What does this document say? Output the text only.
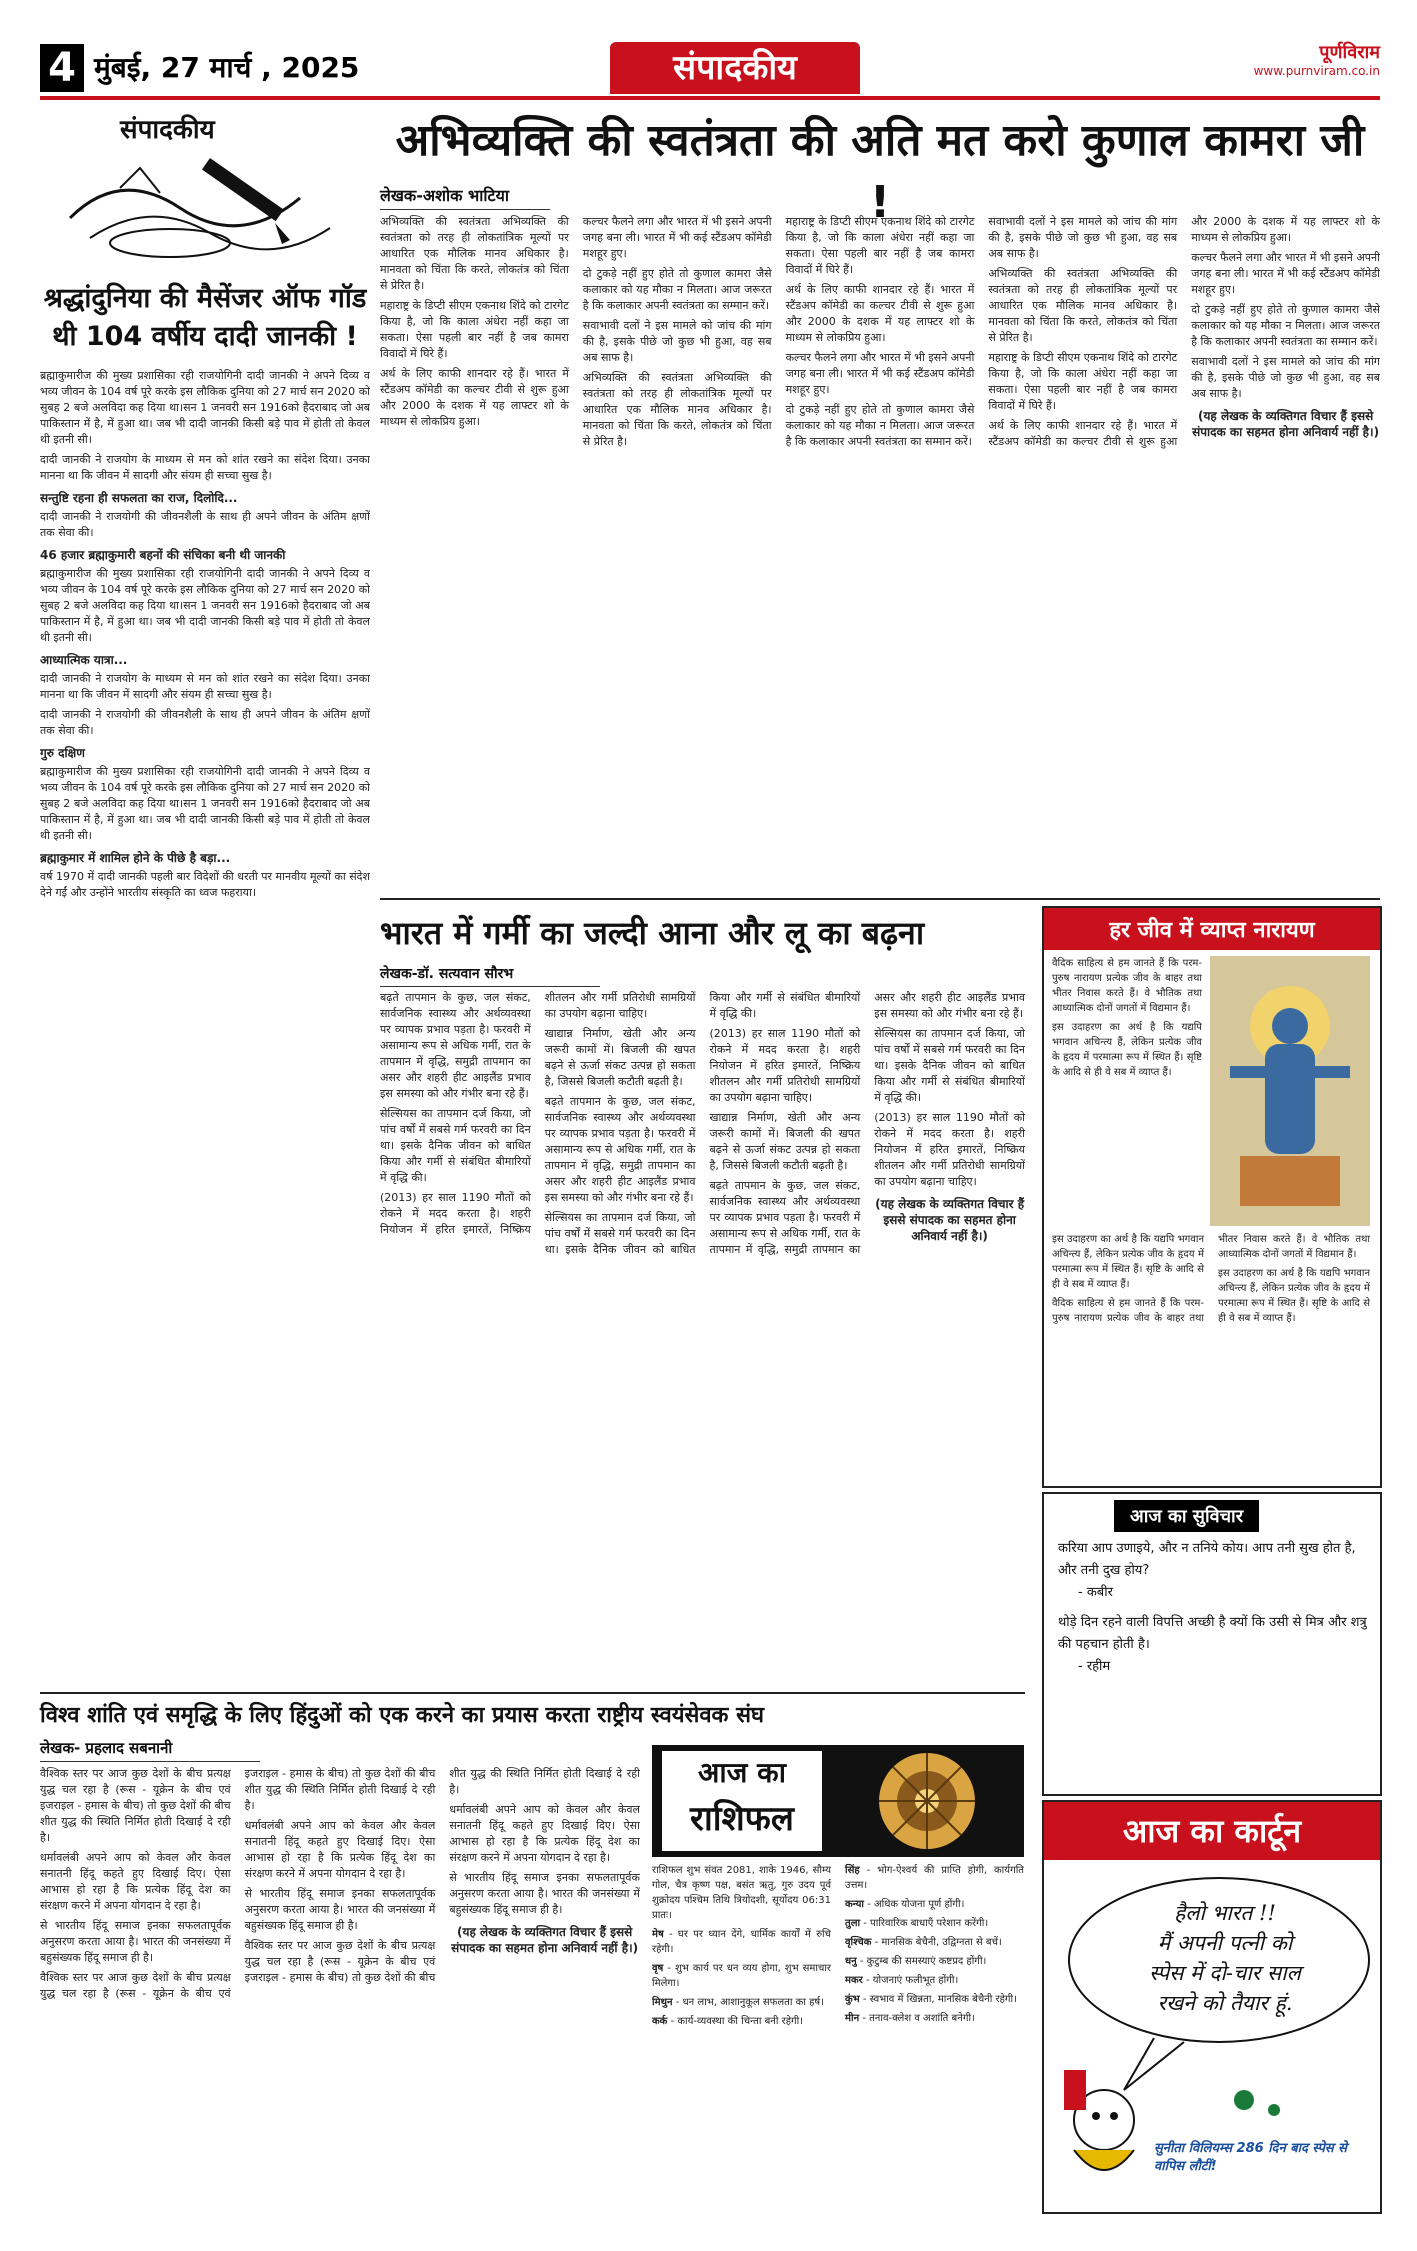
4 मुंबई, 27 मार्च , 2025	संपादकीय	पूर्णविराम
www.purnviram.co.in
संपादकीय
श्रद्धांदुनिया की मैसेंजर ऑफ गॉड
थी 104 वर्षीय दादी जानकी !

ब्रह्माकुमारीज की मुख्य प्रशासिका रही राजयोगिनी दादी जानकी ने अपने दिव्य व भव्य जीवन के 104 वर्ष पूरे करके इस लौकिक दुनिया को 27 मार्च सन 2020 को सुबह 2 बजे अलविदा कह दिया था।सन 1 जनवरी सन 1916को हैदराबाद जो अब पाकिस्तान में है, में हुआ था। जब भी दादी जानकी किसी बड़े पाव में होती तो केवल थी इतनी सी।

दादी जानकी ने राजयोग के माध्यम से मन को शांत रखने का संदेश दिया। उनका मानना था कि जीवन में सादगी और संयम ही सच्चा सुख है।

सन्तुष्टि रहना ही सफलता का राज, दिलोदि...

दादी जानकी ने राजयोगी की जीवनशैली के साथ ही अपने जीवन के अंतिम क्षणों तक सेवा की।

46 हजार ब्रह्माकुमारी बहनों की संचिका बनी थी जानकी

ब्रह्माकुमारीज की मुख्य प्रशासिका रही राजयोगिनी दादी जानकी ने अपने दिव्य व भव्य जीवन के 104 वर्ष पूरे करके इस लौकिक दुनिया को 27 मार्च सन 2020 को सुबह 2 बजे अलविदा कह दिया था।सन 1 जनवरी सन 1916को हैदराबाद जो अब पाकिस्तान में है, में हुआ था। जब भी दादी जानकी किसी बड़े पाव में होती तो केवल थी इतनी सी।

आध्यात्मिक यात्रा...

दादी जानकी ने राजयोग के माध्यम से मन को शांत रखने का संदेश दिया। उनका मानना था कि जीवन में सादगी और संयम ही सच्चा सुख है।

दादी जानकी ने राजयोगी की जीवनशैली के साथ ही अपने जीवन के अंतिम क्षणों तक सेवा की।

गुरु दक्षिण

ब्रह्माकुमारीज की मुख्य प्रशासिका रही राजयोगिनी दादी जानकी ने अपने दिव्य व भव्य जीवन के 104 वर्ष पूरे करके इस लौकिक दुनिया को 27 मार्च सन 2020 को सुबह 2 बजे अलविदा कह दिया था।सन 1 जनवरी सन 1916को हैदराबाद जो अब पाकिस्तान में है, में हुआ था। जब भी दादी जानकी किसी बड़े पाव में होती तो केवल थी इतनी सी।

ब्रह्माकुमार में शामिल होने के पीछे है बड़ा...

वर्ष 1970 में दादी जानकी पहली बार विदेशों की धरती पर मानवीय मूल्यों का संदेश देने गईं और उन्होंने भारतीय संस्कृति का ध्वज फहराया।

अभिव्यक्ति की स्वतंत्रता की अति मत करो कुणाल कामरा जी !
लेखक-अशोक भाटिया

अभिव्यक्ति की स्वतंत्रता अभिव्यक्ति की स्वतंत्रता को तरह ही लोकतांत्रिक मूल्यों पर आधारित एक मौलिक मानव अधिकार है। मानवता को चिंता कि करते, लोकतंत्र को चिंता से प्रेरित है।

महाराष्ट्र के डिप्टी सीएम एकनाथ शिंदे को टारगेट किया है, जो कि काला अंधेरा नहीं कहा जा सकता। ऐसा पहली बार नहीं है जब कामरा विवादों में घिरे हैं।

अर्थ के लिए काफी शानदार रहे हैं। भारत में स्टैंडअप कॉमेडी का कल्चर टीवी से शुरू हुआ और 2000 के दशक में यह लाफ्टर शो के माध्यम से लोकप्रिय हुआ।

कल्चर फैलने लगा और भारत में भी इसने अपनी जगह बना ली। भारत में भी कई स्टैंडअप कॉमेडी मशहूर हुए।

दो टुकड़े नहीं हुए होते तो कुणाल कामरा जैसे कलाकार को यह मौका न मिलता। आज जरूरत है कि कलाकार अपनी स्वतंत्रता का सम्मान करें।

सवाभावी दलों ने इस मामले को जांच की मांग की है, इसके पीछे जो कुछ भी हुआ, वह सब अब साफ है।

अभिव्यक्ति की स्वतंत्रता अभिव्यक्ति की स्वतंत्रता को तरह ही लोकतांत्रिक मूल्यों पर आधारित एक मौलिक मानव अधिकार है। मानवता को चिंता कि करते, लोकतंत्र को चिंता से प्रेरित है।

महाराष्ट्र के डिप्टी सीएम एकनाथ शिंदे को टारगेट किया है, जो कि काला अंधेरा नहीं कहा जा सकता। ऐसा पहली बार नहीं है जब कामरा विवादों में घिरे हैं।

अर्थ के लिए काफी शानदार रहे हैं। भारत में स्टैंडअप कॉमेडी का कल्चर टीवी से शुरू हुआ और 2000 के दशक में यह लाफ्टर शो के माध्यम से लोकप्रिय हुआ।

कल्चर फैलने लगा और भारत में भी इसने अपनी जगह बना ली। भारत में भी कई स्टैंडअप कॉमेडी मशहूर हुए।

दो टुकड़े नहीं हुए होते तो कुणाल कामरा जैसे कलाकार को यह मौका न मिलता। आज जरूरत है कि कलाकार अपनी स्वतंत्रता का सम्मान करें।

सवाभावी दलों ने इस मामले को जांच की मांग की है, इसके पीछे जो कुछ भी हुआ, वह सब अब साफ है।

अभिव्यक्ति की स्वतंत्रता अभिव्यक्ति की स्वतंत्रता को तरह ही लोकतांत्रिक मूल्यों पर आधारित एक मौलिक मानव अधिकार है। मानवता को चिंता कि करते, लोकतंत्र को चिंता से प्रेरित है।

महाराष्ट्र के डिप्टी सीएम एकनाथ शिंदे को टारगेट किया है, जो कि काला अंधेरा नहीं कहा जा सकता। ऐसा पहली बार नहीं है जब कामरा विवादों में घिरे हैं।

अर्थ के लिए काफी शानदार रहे हैं। भारत में स्टैंडअप कॉमेडी का कल्चर टीवी से शुरू हुआ और 2000 के दशक में यह लाफ्टर शो के माध्यम से लोकप्रिय हुआ।

कल्चर फैलने लगा और भारत में भी इसने अपनी जगह बना ली। भारत में भी कई स्टैंडअप कॉमेडी मशहूर हुए।

दो टुकड़े नहीं हुए होते तो कुणाल कामरा जैसे कलाकार को यह मौका न मिलता। आज जरूरत है कि कलाकार अपनी स्वतंत्रता का सम्मान करें।

सवाभावी दलों ने इस मामले को जांच की मांग की है, इसके पीछे जो कुछ भी हुआ, वह सब अब साफ है।

(यह लेखक के व्यक्तिगत विचार हैं इससे संपादक का सहमत होना अनिवार्य नहीं है।)
भारत में गर्मी का जल्दी आना और लू का बढ़ना
लेखक-डॉ. सत्यवान सौरभ

बढ़ते तापमान के कुछ, जल संकट, सार्वजनिक स्वास्थ्य और अर्थव्यवस्था पर व्यापक प्रभाव पड़ता है। फरवरी में असामान्य रूप से अधिक गर्मी, रात के तापमान में वृद्धि, समुद्री तापमान का असर और शहरी हीट आइलैंड प्रभाव इस समस्या को और गंभीर बना रहे हैं।

सेल्सियस का तापमान दर्ज किया, जो पांच वर्षों में सबसे गर्म फरवरी का दिन था। इसके दैनिक जीवन को बाधित किया और गर्मी से संबंधित बीमारियों में वृद्धि की।

(2013) हर साल 1190 मौतों को रोकने में मदद करता है। शहरी नियोजन में हरित इमारतें, निष्क्रिय शीतलन और गर्मी प्रतिरोधी सामग्रियों का उपयोग बढ़ाना चाहिए।

खाद्यान्न निर्माण, खेती और अन्य जरूरी कामों में। बिजली की खपत बढ़ने से ऊर्जा संकट उत्पन्न हो सकता है, जिससे बिजली कटौती बढ़ती है।

बढ़ते तापमान के कुछ, जल संकट, सार्वजनिक स्वास्थ्य और अर्थव्यवस्था पर व्यापक प्रभाव पड़ता है। फरवरी में असामान्य रूप से अधिक गर्मी, रात के तापमान में वृद्धि, समुद्री तापमान का असर और शहरी हीट आइलैंड प्रभाव इस समस्या को और गंभीर बना रहे हैं।

सेल्सियस का तापमान दर्ज किया, जो पांच वर्षों में सबसे गर्म फरवरी का दिन था। इसके दैनिक जीवन को बाधित किया और गर्मी से संबंधित बीमारियों में वृद्धि की।

(2013) हर साल 1190 मौतों को रोकने में मदद करता है। शहरी नियोजन में हरित इमारतें, निष्क्रिय शीतलन और गर्मी प्रतिरोधी सामग्रियों का उपयोग बढ़ाना चाहिए।

खाद्यान्न निर्माण, खेती और अन्य जरूरी कामों में। बिजली की खपत बढ़ने से ऊर्जा संकट उत्पन्न हो सकता है, जिससे बिजली कटौती बढ़ती है।

बढ़ते तापमान के कुछ, जल संकट, सार्वजनिक स्वास्थ्य और अर्थव्यवस्था पर व्यापक प्रभाव पड़ता है। फरवरी में असामान्य रूप से अधिक गर्मी, रात के तापमान में वृद्धि, समुद्री तापमान का असर और शहरी हीट आइलैंड प्रभाव इस समस्या को और गंभीर बना रहे हैं।

सेल्सियस का तापमान दर्ज किया, जो पांच वर्षों में सबसे गर्म फरवरी का दिन था। इसके दैनिक जीवन को बाधित किया और गर्मी से संबंधित बीमारियों में वृद्धि की।

(2013) हर साल 1190 मौतों को रोकने में मदद करता है। शहरी नियोजन में हरित इमारतें, निष्क्रिय शीतलन और गर्मी प्रतिरोधी सामग्रियों का उपयोग बढ़ाना चाहिए।

(यह लेखक के व्यक्तिगत विचार हैं इससे संपादक का सहमत होना अनिवार्य नहीं है।)
हर जीव में व्याप्त नारायण

वैदिक साहित्य से हम जानते हैं कि परम-पुरुष नारायण प्रत्येक जीव के बाहर तथा भीतर निवास करते हैं। वे भौतिक तथा आध्यात्मिक दोनों जगतों में विद्यमान हैं।

इस उदाहरण का अर्थ है कि यद्यपि भगवान अचिन्त्य हैं, लेकिन प्रत्येक जीव के हृदय में परमात्मा रूप में स्थित हैं। सृष्टि के आदि से ही वे सब में व्याप्त हैं।

इस उदाहरण का अर्थ है कि यद्यपि भगवान अचिन्त्य हैं, लेकिन प्रत्येक जीव के हृदय में परमात्मा रूप में स्थित हैं। सृष्टि के आदि से ही वे सब में व्याप्त हैं।

वैदिक साहित्य से हम जानते हैं कि परम-पुरुष नारायण प्रत्येक जीव के बाहर तथा भीतर निवास करते हैं। वे भौतिक तथा आध्यात्मिक दोनों जगतों में विद्यमान हैं।

इस उदाहरण का अर्थ है कि यद्यपि भगवान अचिन्त्य हैं, लेकिन प्रत्येक जीव के हृदय में परमात्मा रूप में स्थित हैं। सृष्टि के आदि से ही वे सब में व्याप्त हैं।

विश्व शांति एवं समृद्धि के लिए हिंदुओं को एक करने का प्रयास करता राष्ट्रीय स्वयंसेवक संघ
लेखक- प्रहलाद सबनानी

वैश्विक स्तर पर आज कुछ देशों के बीच प्रत्यक्ष युद्ध चल रहा है (रूस - यूक्रेन के बीच एवं इजराइल - हमास के बीच) तो कुछ देशों की बीच शीत युद्ध की स्थिति निर्मित होती दिखाई दे रही है।

धर्मावलंबी अपने आप को केवल और केवल सनातनी हिंदू कहते हुए दिखाई दिए। ऐसा आभास हो रहा है कि प्रत्येक हिंदू देश का संरक्षण करने में अपना योगदान दे रहा है।

से भारतीय हिंदू समाज इनका सफलतापूर्वक अनुसरण करता आया है। भारत की जनसंख्या में बहुसंख्यक हिंदू समाज ही है।

वैश्विक स्तर पर आज कुछ देशों के बीच प्रत्यक्ष युद्ध चल रहा है (रूस - यूक्रेन के बीच एवं इजराइल - हमास के बीच) तो कुछ देशों की बीच शीत युद्ध की स्थिति निर्मित होती दिखाई दे रही है।

धर्मावलंबी अपने आप को केवल और केवल सनातनी हिंदू कहते हुए दिखाई दिए। ऐसा आभास हो रहा है कि प्रत्येक हिंदू देश का संरक्षण करने में अपना योगदान दे रहा है।

से भारतीय हिंदू समाज इनका सफलतापूर्वक अनुसरण करता आया है। भारत की जनसंख्या में बहुसंख्यक हिंदू समाज ही है।

वैश्विक स्तर पर आज कुछ देशों के बीच प्रत्यक्ष युद्ध चल रहा है (रूस - यूक्रेन के बीच एवं इजराइल - हमास के बीच) तो कुछ देशों की बीच शीत युद्ध की स्थिति निर्मित होती दिखाई दे रही है।

धर्मावलंबी अपने आप को केवल और केवल सनातनी हिंदू कहते हुए दिखाई दिए। ऐसा आभास हो रहा है कि प्रत्येक हिंदू देश का संरक्षण करने में अपना योगदान दे रहा है।

से भारतीय हिंदू समाज इनका सफलतापूर्वक अनुसरण करता आया है। भारत की जनसंख्या में बहुसंख्यक हिंदू समाज ही है।

(यह लेखक के व्यक्तिगत विचार हैं इससे संपादक का सहमत होना अनिवार्य नहीं है।)
आज का
राशिफल

राशिफल शुभ संवत 2081, शाके 1946, सौम्य गोल, चैत्र कृष्ण पक्ष, बसंत ऋतु, गुरु उदय पूर्व शुक्रोदय पश्चिम तिथि त्रियोदशी, सूर्योदय 06:31 प्रातः।

मेष - घर पर ध्यान देंगे, धार्मिक कार्यों में रुचि रहेगी।

वृष - शुभ कार्य पर धन व्यय होगा, शुभ समाचार मिलेगा।

मिथुन - धन लाभ, आशानुकूल सफलता का हर्ष।

कर्क - कार्य-व्यवस्था की चिन्ता बनी रहेगी।

सिंह - भोग-ऐश्वर्य की प्राप्ति होगी, कार्यगति उत्तम।

कन्या - अधिक योजना पूर्ण होंगी।

तुला - पारिवारिक बाधाएँ परेशान करेंगी।

वृश्चिक - मानसिक बेचैनी, उद्विग्नता से बचें।

धनु - कुटुम्ब की समस्याएं कष्टप्रद होंगी।

मकर - योजनाएं फलीभूत होंगी।

कुंभ - स्वभाव में खिन्नता, मानसिक बेचैनी रहेगी।

मीन - तनाव-क्लेश व अशांति बनेगी।

आज का सुविचार
करिया आप उणाइये, और न तनिये कोय। आप तनी सुख होत है, और तनी दुख होय?
- कबीर
थोड़े दिन रहने वाली विपत्ति अच्छी है क्यों कि उसी से मित्र और शत्रु की पहचान होती है।
- रहीम
आज का कार्टून
हैलो भारत !!
मैं अपनी पत्नी को
स्पेस में दो-चार साल
रखने को तैयार हूं.
सुनीता विलियम्स 286 दिन बाद स्पेस से वापिस लौटीं!
